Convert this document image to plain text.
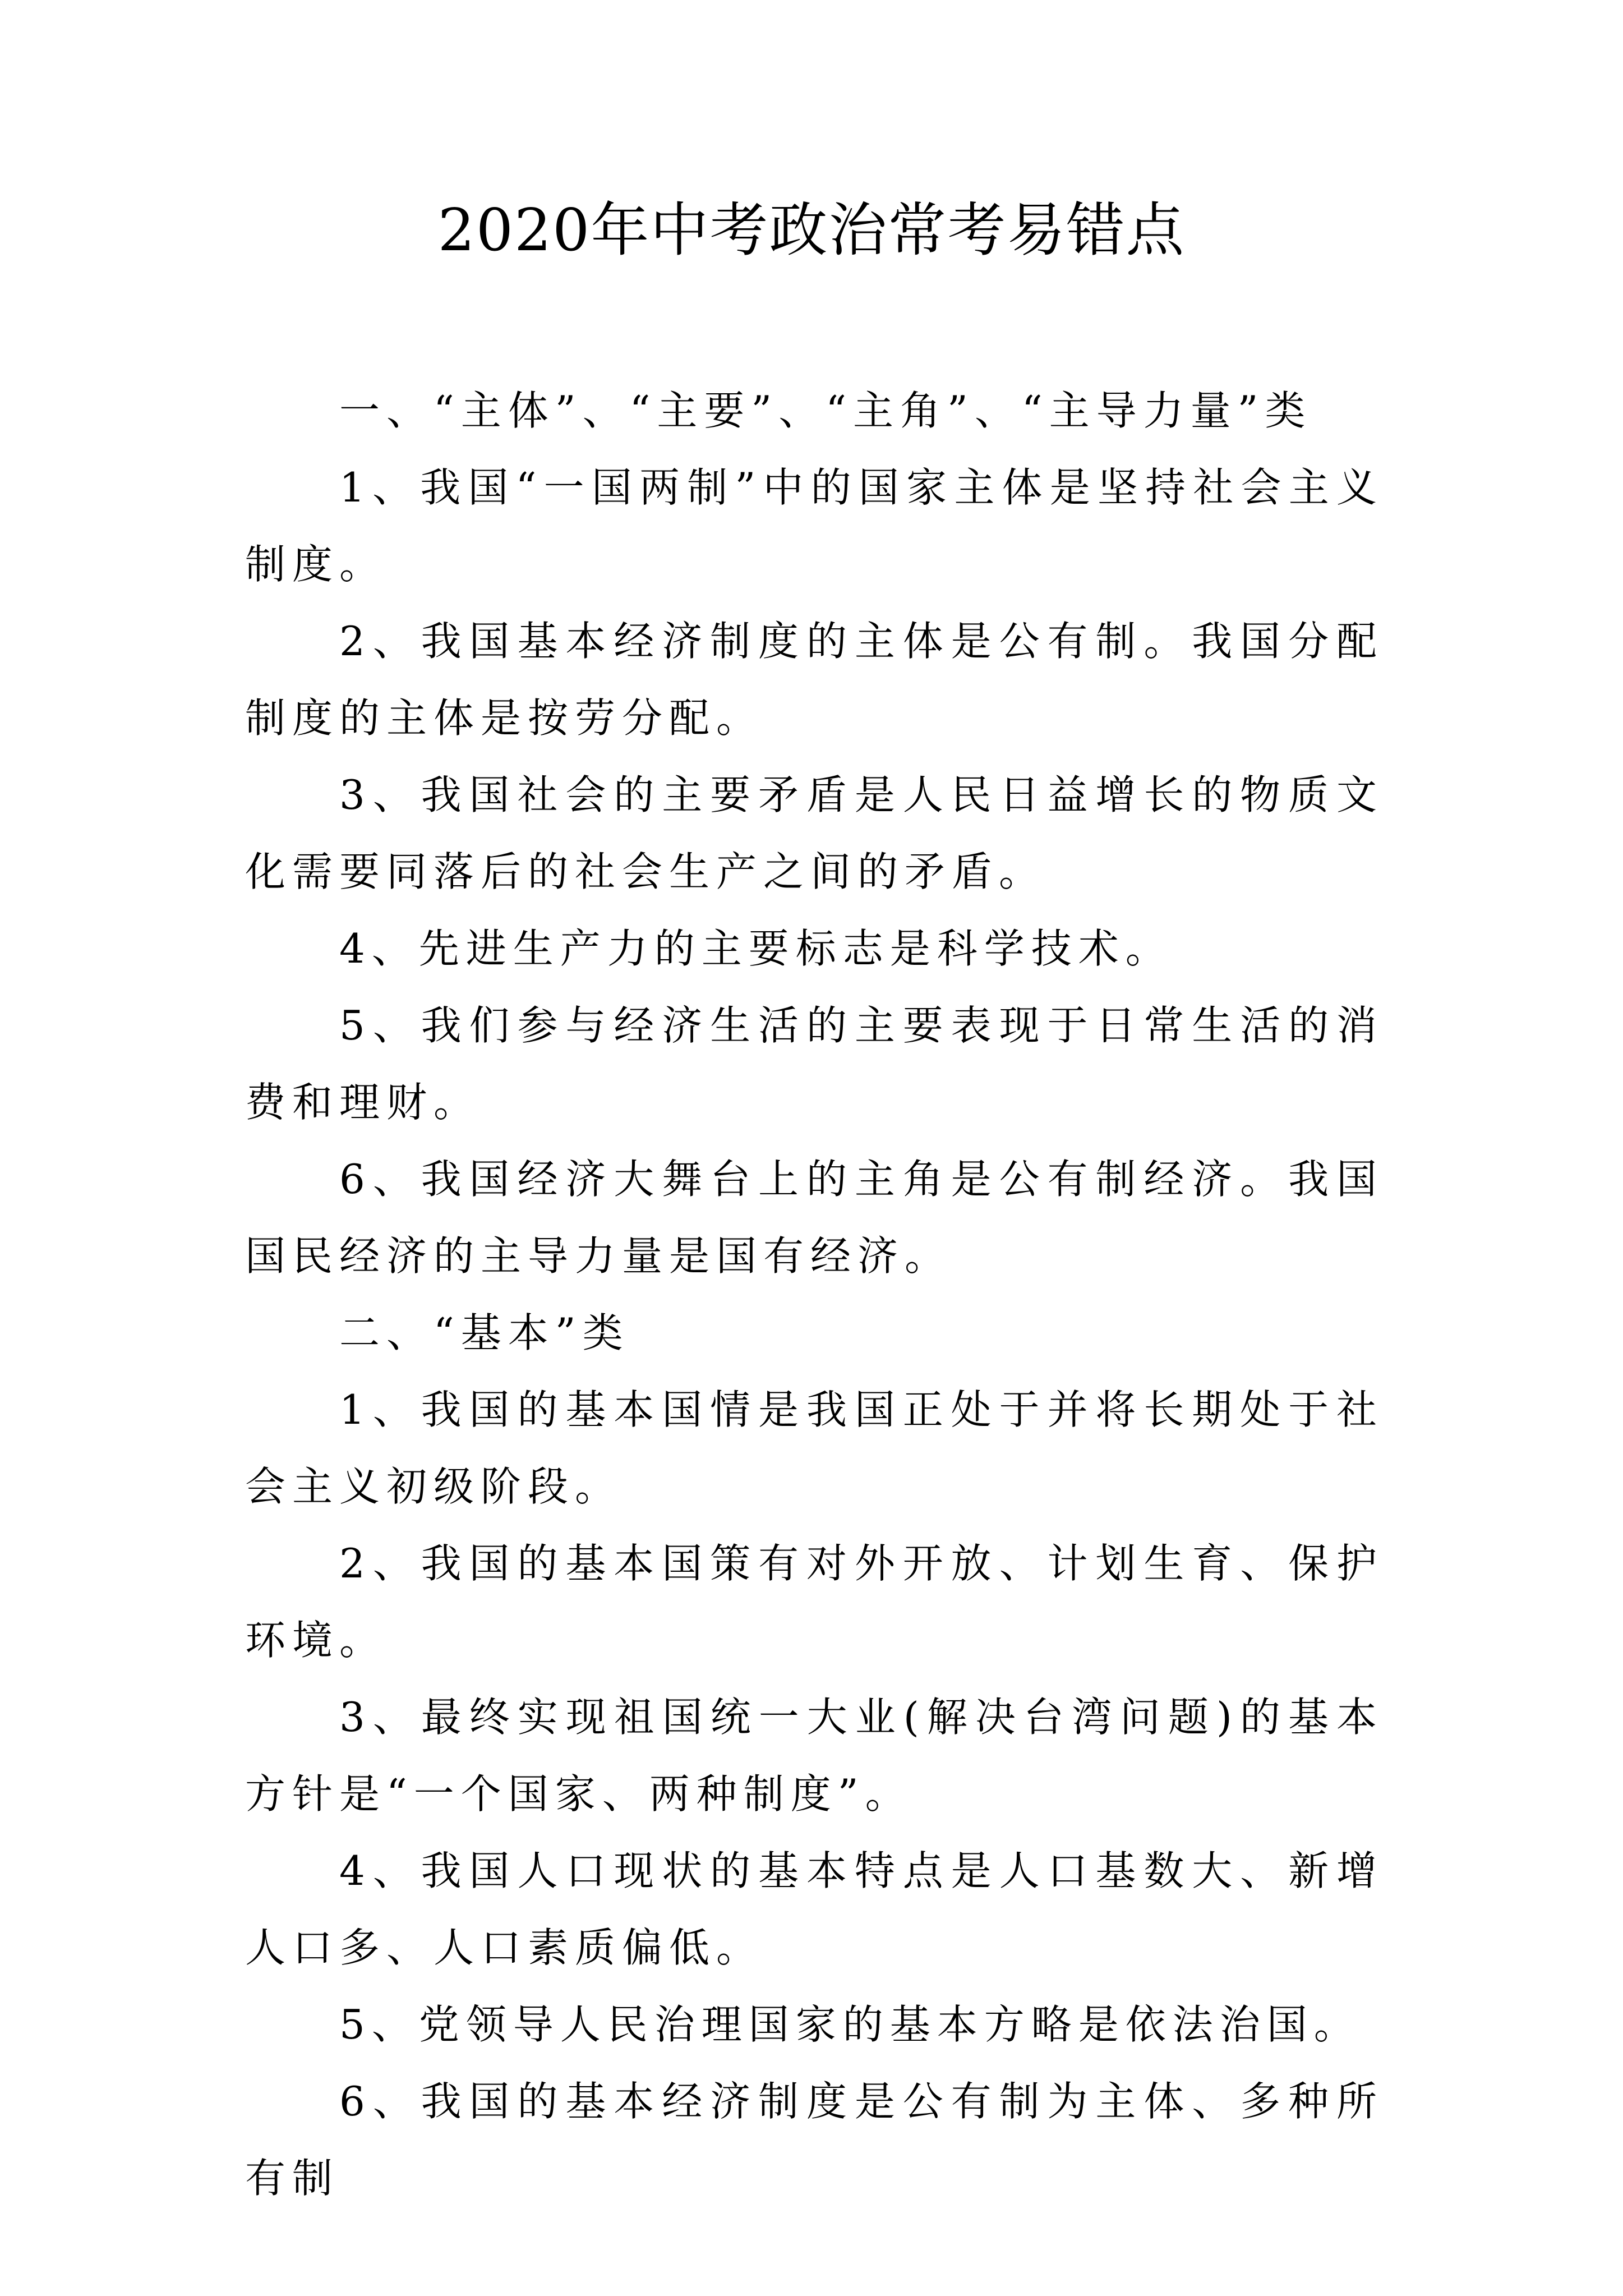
2020年中考政治常考易错点

一、“主体”、“主要”、“主角”、“主导力量”类

1、我国“一国两制”中的国家主体是坚持社会主义制度。

2、我国基本经济制度的主体是公有制。我国分配制度的主体是按劳分配。

3、我国社会的主要矛盾是人民日益增长的物质文化需要同落后的社会生产之间的矛盾。

4、先进生产力的主要标志是科学技术。

5、我们参与经济生活的主要表现于日常生活的消费和理财。

6、我国经济大舞台上的主角是公有制经济。我国国民经济的主导力量是国有经济。

二、“基本”类

1、我国的基本国情是我国正处于并将长期处于社会主义初级阶段。

2、我国的基本国策有对外开放、计划生育、保护环境。

3、最终实现祖国统一大业(解决台湾问题)的基本方针是“一个国家、两种制度”。

4、我国人口现状的基本特点是人口基数大、新增人口多、人口素质偏低。

5、党领导人民治理国家的基本方略是依法治国。

6、我国的基本经济制度是公有制为主体、多种所有制
